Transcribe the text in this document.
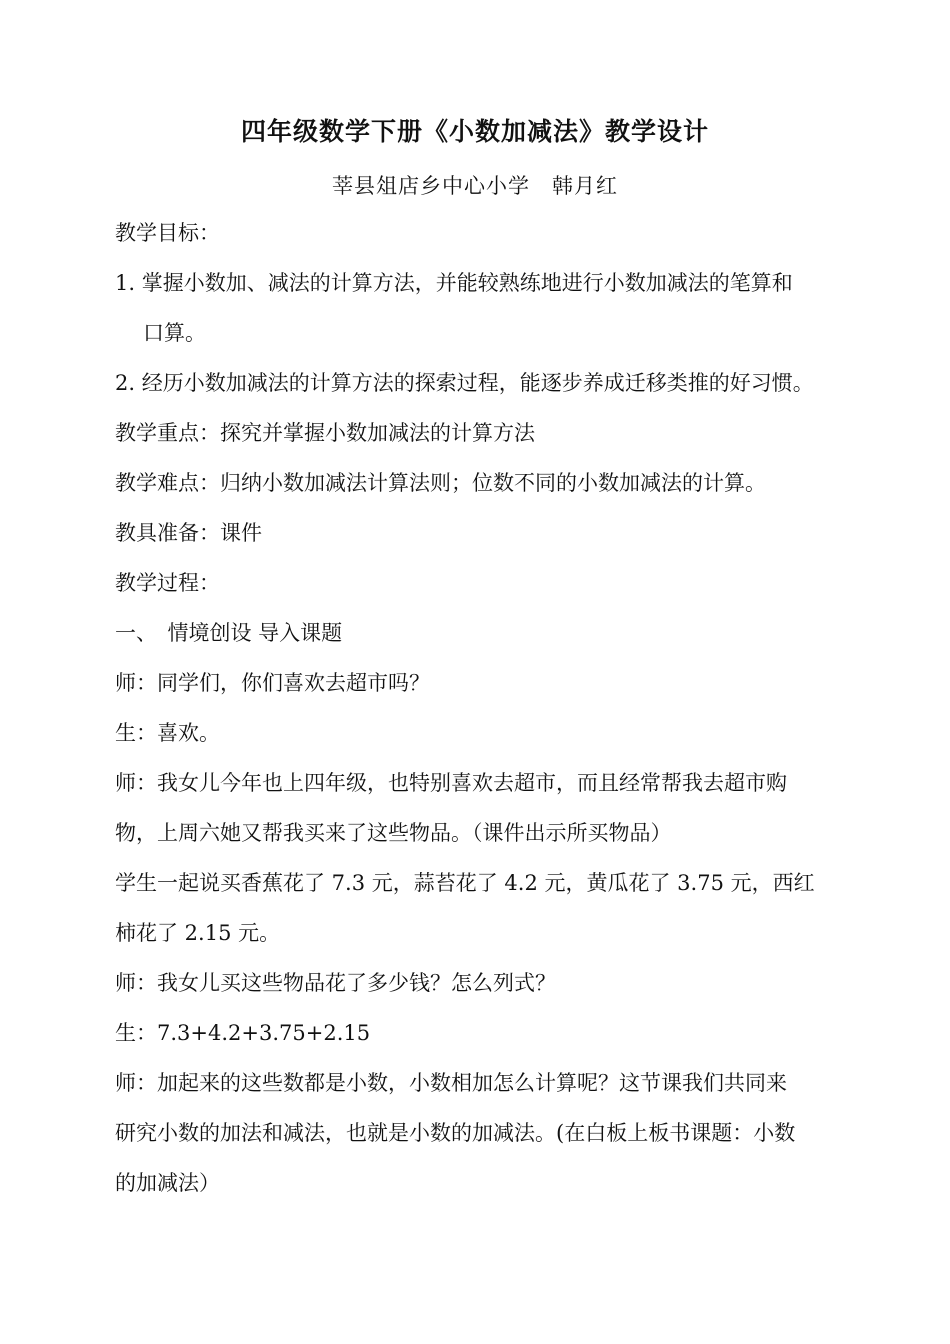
四年级数学下册《小数加减法》教学设计
莘县俎店乡中心小学　韩月红
教学目标：
1. 掌握小数加、减法的计算方法，并能较熟练地进行小数加减法的笔算和
口算。
2. 经历小数加减法的计算方法的探索过程，能逐步养成迁移类推的好习惯。
教学重点：探究并掌握小数加减法的计算方法
教学难点：归纳小数加减法计算法则；位数不同的小数加减法的计算。
教具准备：课件
教学过程：
一、　情境创设 导入课题
师：同学们，你们喜欢去超市吗？
生：喜欢。
师：我女儿今年也上四年级，也特别喜欢去超市，而且经常帮我去超市购
物，上周六她又帮我买来了这些物品。（课件出示所买物品）
学生一起说买香蕉花了 7.3 元，蒜苔花了 4.2 元，黄瓜花了 3.75 元，西红
柿花了 2.15 元。
师：我女儿买这些物品花了多少钱？怎么列式？
生：7.3+4.2+3.75+2.15
师：加起来的这些数都是小数，小数相加怎么计算呢？这节课我们共同来
研究小数的加法和减法，也就是小数的加减法。(在白板上板书课题：小数
的加减法）
